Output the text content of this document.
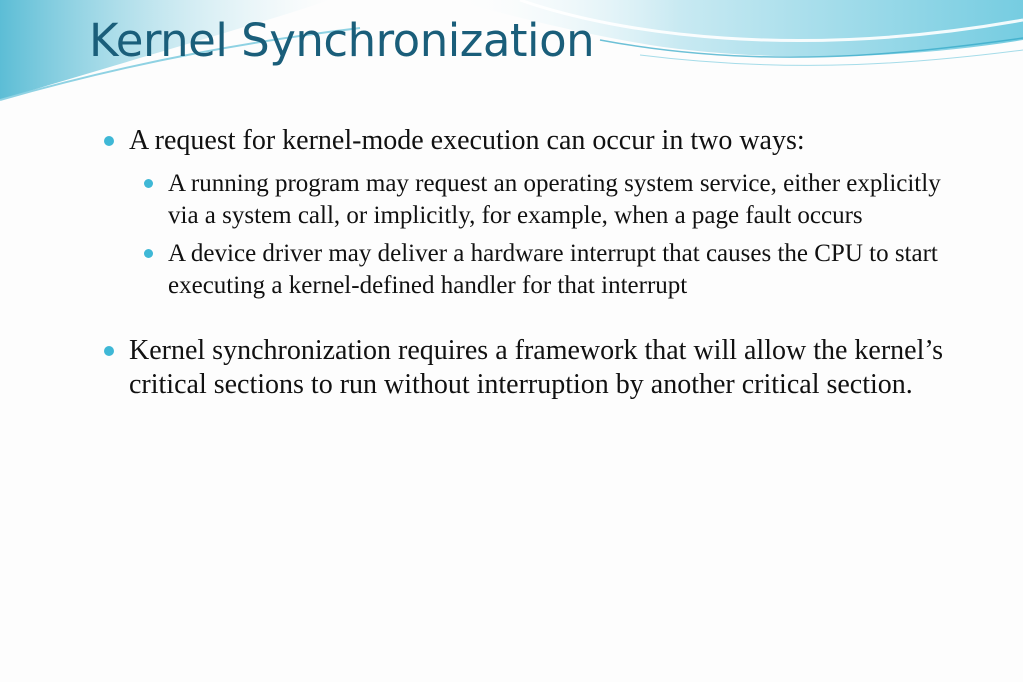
Kernel Synchronization
A request for kernel-mode execution can occur in two ways:
A running program may request an operating system service, either explicitly via a system call, or implicitly, for example, when a page fault occurs
A device driver may deliver a hardware interrupt that causes the CPU to start executing a kernel-defined handler for that interrupt
Kernel synchronization requires a framework that will allow the kernel’s critical sections to run without interruption by another critical section.
